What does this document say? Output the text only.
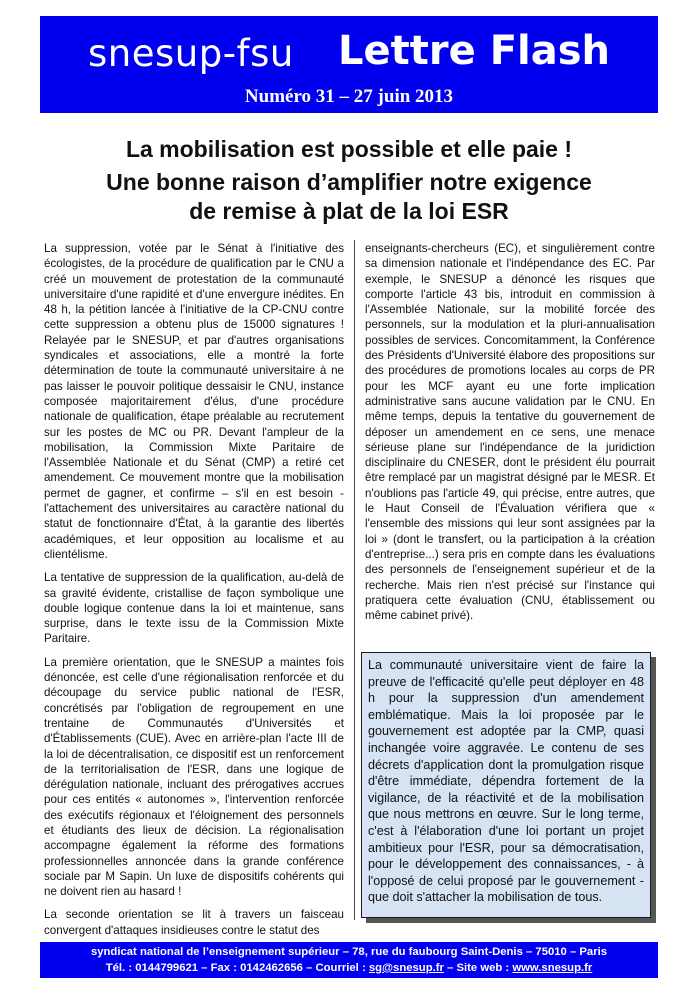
snesup-fsu Lettre Flash
Numéro 31 – 27 juin 2013
La mobilisation est possible et elle paie !
Une bonne raison d’amplifier notre exigence
de remise à plat de la loi ESR

La suppression, votée par le Sénat à l'initiative des écologistes, de la procédure de qualification par le CNU a créé un mouvement de protestation de la communauté universitaire d'une rapidité et d'une envergure inédites. En 48 h, la pétition lancée à l'initiative de la CP-CNU contre cette suppression a obtenu plus de 15000 signatures ! Relayée par le SNESUP, et par d'autres organisations syndicales et associations, elle a montré la forte détermination de toute la communauté universitaire à ne pas laisser le pouvoir politique dessaisir le CNU, instance composée majoritairement d'élus, d'une procédure nationale de qualification, étape préalable au recrutement sur les postes de MC ou PR. Devant l'ampleur de la mobilisation, la Commission Mixte Paritaire de l'Assemblée Nationale et du Sénat (CMP) a retiré cet amendement. Ce mouvement montre que la mobilisation permet de gagner, et confirme – s'il en est besoin - l'attachement des universitaires au caractère national du statut de fonctionnaire d'État, à la garantie des libertés académiques, et leur opposition au localisme et au clientélisme.

La tentative de suppression de la qualification, au-delà de sa gravité évidente, cristallise de façon symbolique une double logique contenue dans la loi et maintenue, sans surprise, dans le texte issu de la Commission Mixte Paritaire.

La première orientation, que le SNESUP a maintes fois dénoncée, est celle d'une régionalisation renforcée et du découpage du service public national de l'ESR, concrétisés par l'obligation de regroupement en une trentaine de Communautés d'Universités et d'Établissements (CUE). Avec en arrière-plan l'acte III de la loi de décentralisation, ce dispositif est un renforcement de la territorialisation de l'ESR, dans une logique de dérégulation nationale, incluant des prérogatives accrues pour ces entités « autonomes », l'intervention renforcée des exécutifs régionaux et l'éloignement des personnels et étudiants des lieux de décision. La régionalisation accompagne également la réforme des formations professionnelles annoncée dans la grande conférence sociale par M Sapin. Un luxe de dispositifs cohérents qui ne doivent rien au hasard !

La seconde orientation se lit à travers un faisceau convergent d'attaques insidieuses contre le statut des

enseignants-chercheurs (EC), et singulièrement contre sa dimension nationale et l'indépendance des EC. Par exemple, le SNESUP a dénoncé les risques que comporte l'article 43 bis, introduit en commission à l'Assemblée Nationale, sur la mobilité forcée des personnels, sur la modulation et la pluri-annualisation possibles de services. Concomitamment, la Conférence des Présidents d'Université élabore des propositions sur des procédures de promotions locales au corps de PR pour les MCF ayant eu une forte implication administrative sans aucune validation par le CNU. En même temps, depuis la tentative du gouvernement de déposer un amendement en ce sens, une menace sérieuse plane sur l'indépendance de la juridiction disciplinaire du CNESER, dont le président élu pourrait être remplacé par un magistrat désigné par le MESR. Et n'oublions pas l'article 49, qui précise, entre autres, que le Haut Conseil de l'Évaluation vérifiera que « l'ensemble des missions qui leur sont assignées par la loi » (dont le transfert, ou la participation à la création d'entreprise...) sera pris en compte dans les évaluations des personnels de l'enseignement supérieur et de la recherche. Mais rien n'est précisé sur l'instance qui pratiquera cette évaluation (CNU, établissement ou même cabinet privé).

La communauté universitaire vient de faire la preuve de l'efficacité qu'elle peut déployer en 48 h pour la suppression d'un amendement emblématique. Mais la loi proposée par le gouvernement est adoptée par la CMP, quasi inchangée voire aggravée. Le contenu de ses décrets d'application dont la promulgation risque d'être immédiate, dépendra fortement de la vigilance, de la réactivité et de la mobilisation que nous mettrons en œuvre. Sur le long terme, c'est à l'élaboration d'une loi portant un projet ambitieux pour l'ESR, pour sa démocratisation, pour le développement des connaissances, - à l'opposé de celui proposé par le gouvernement - que doit s'attacher la mobilisation de tous.
syndicat national de l’enseignement supérieur – 78, rue du faubourg Saint-Denis – 75010 – Paris
Tél. : 0144799621 – Fax : 0142462656 – Courriel : sg@snesup.fr – Site web : www.snesup.fr
